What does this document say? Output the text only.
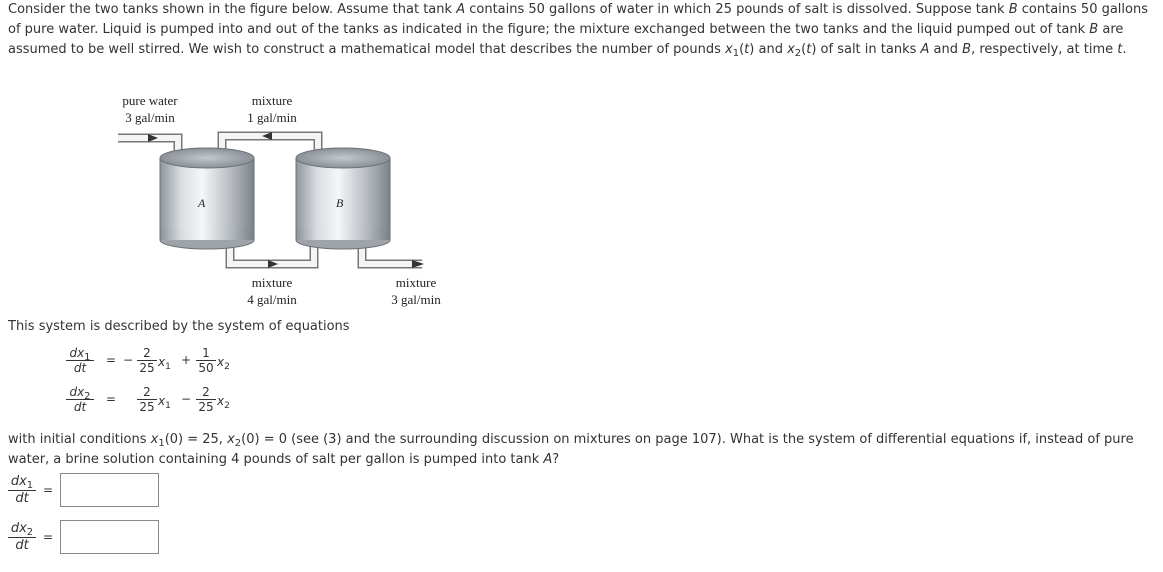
Consider the two tanks shown in the figure below. Assume that tank A contains 50 gallons of water in which 25 pounds of salt is dissolved. Suppose tank B contains 50 gallons of pure water. Liquid is pumped into and out of the tanks as indicated in the figure; the mixture exchanged between the two tanks and the liquid pumped out of tank B are assumed to be well stirred. We wish to construct a mathematical model that describes the number of pounds $x_1(t)$ and $x_2(t)$ of salt in tanks A and B, respectively, at time t.
pure water
3 gal/min
mixture
1 gal/min
mixture
4 gal/min
mixture
3 gal/min
A	B
This system is described by the system of equations
$\frac{dx_1}{dt}$ = − $\frac{2}{25} x_1 + \frac{1}{50} x_2$
$\frac{dx_2}{dt} = \frac{2}{25} x_1 - \frac{2}{25} x_2$
with initial conditions $x_1(0) = 25$, $x_2(0) = 0$ (see (3) and the surrounding discussion on mixtures on page 107). What is the system of differential equations if, instead of pure water, a brine solution containing 4 pounds of salt per gallon is pumped into tank A?
$\frac{dx_1}{dt}$ =
$\frac{dx_2}{dt}$ =
